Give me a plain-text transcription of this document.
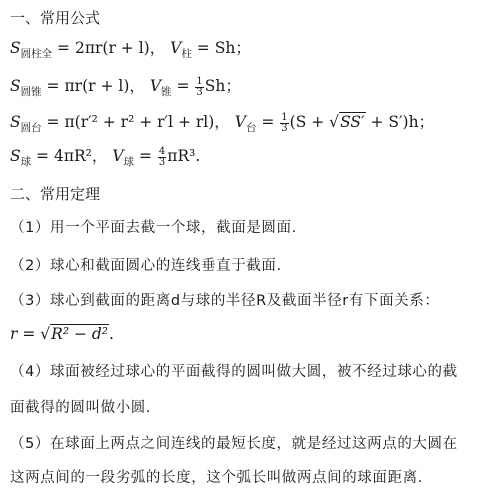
一、常用公式
$S_{圆柱全} = 2\pi r(r + l)$， $V_柱 = Sh$；
$S_{圆锥} = \pi r(r + l)$， $V_锥 = \frac{1}{3}$ Sh；
$S_{圆台} = \pi(r'^2 + r^2 + r'l + rl)$， $V_台 = \frac{1}{3} (S + √SS' + S')h$；
$S_球 = 4\pi R^2$， $V_球 = \frac{4}{3} \pi R^3$.
二、常用定理
（1）用一个平面去截一个球，截面是圆面.
（2）球心和截面圆心的连线垂直于截面.
（3）球心到截面的距离d与球的半径R及截面半径r有下面关系：
r = √R² − d².
（4）球面被经过球心的平面截得的圆叫做大圆，被不经过球心的截
面截得的圆叫做小圆.
（5）在球面上两点之间连线的最短长度，就是经过这两点的大圆在
这两点间的一段劣弧的长度，这个弧长叫做两点间的球面距离.
